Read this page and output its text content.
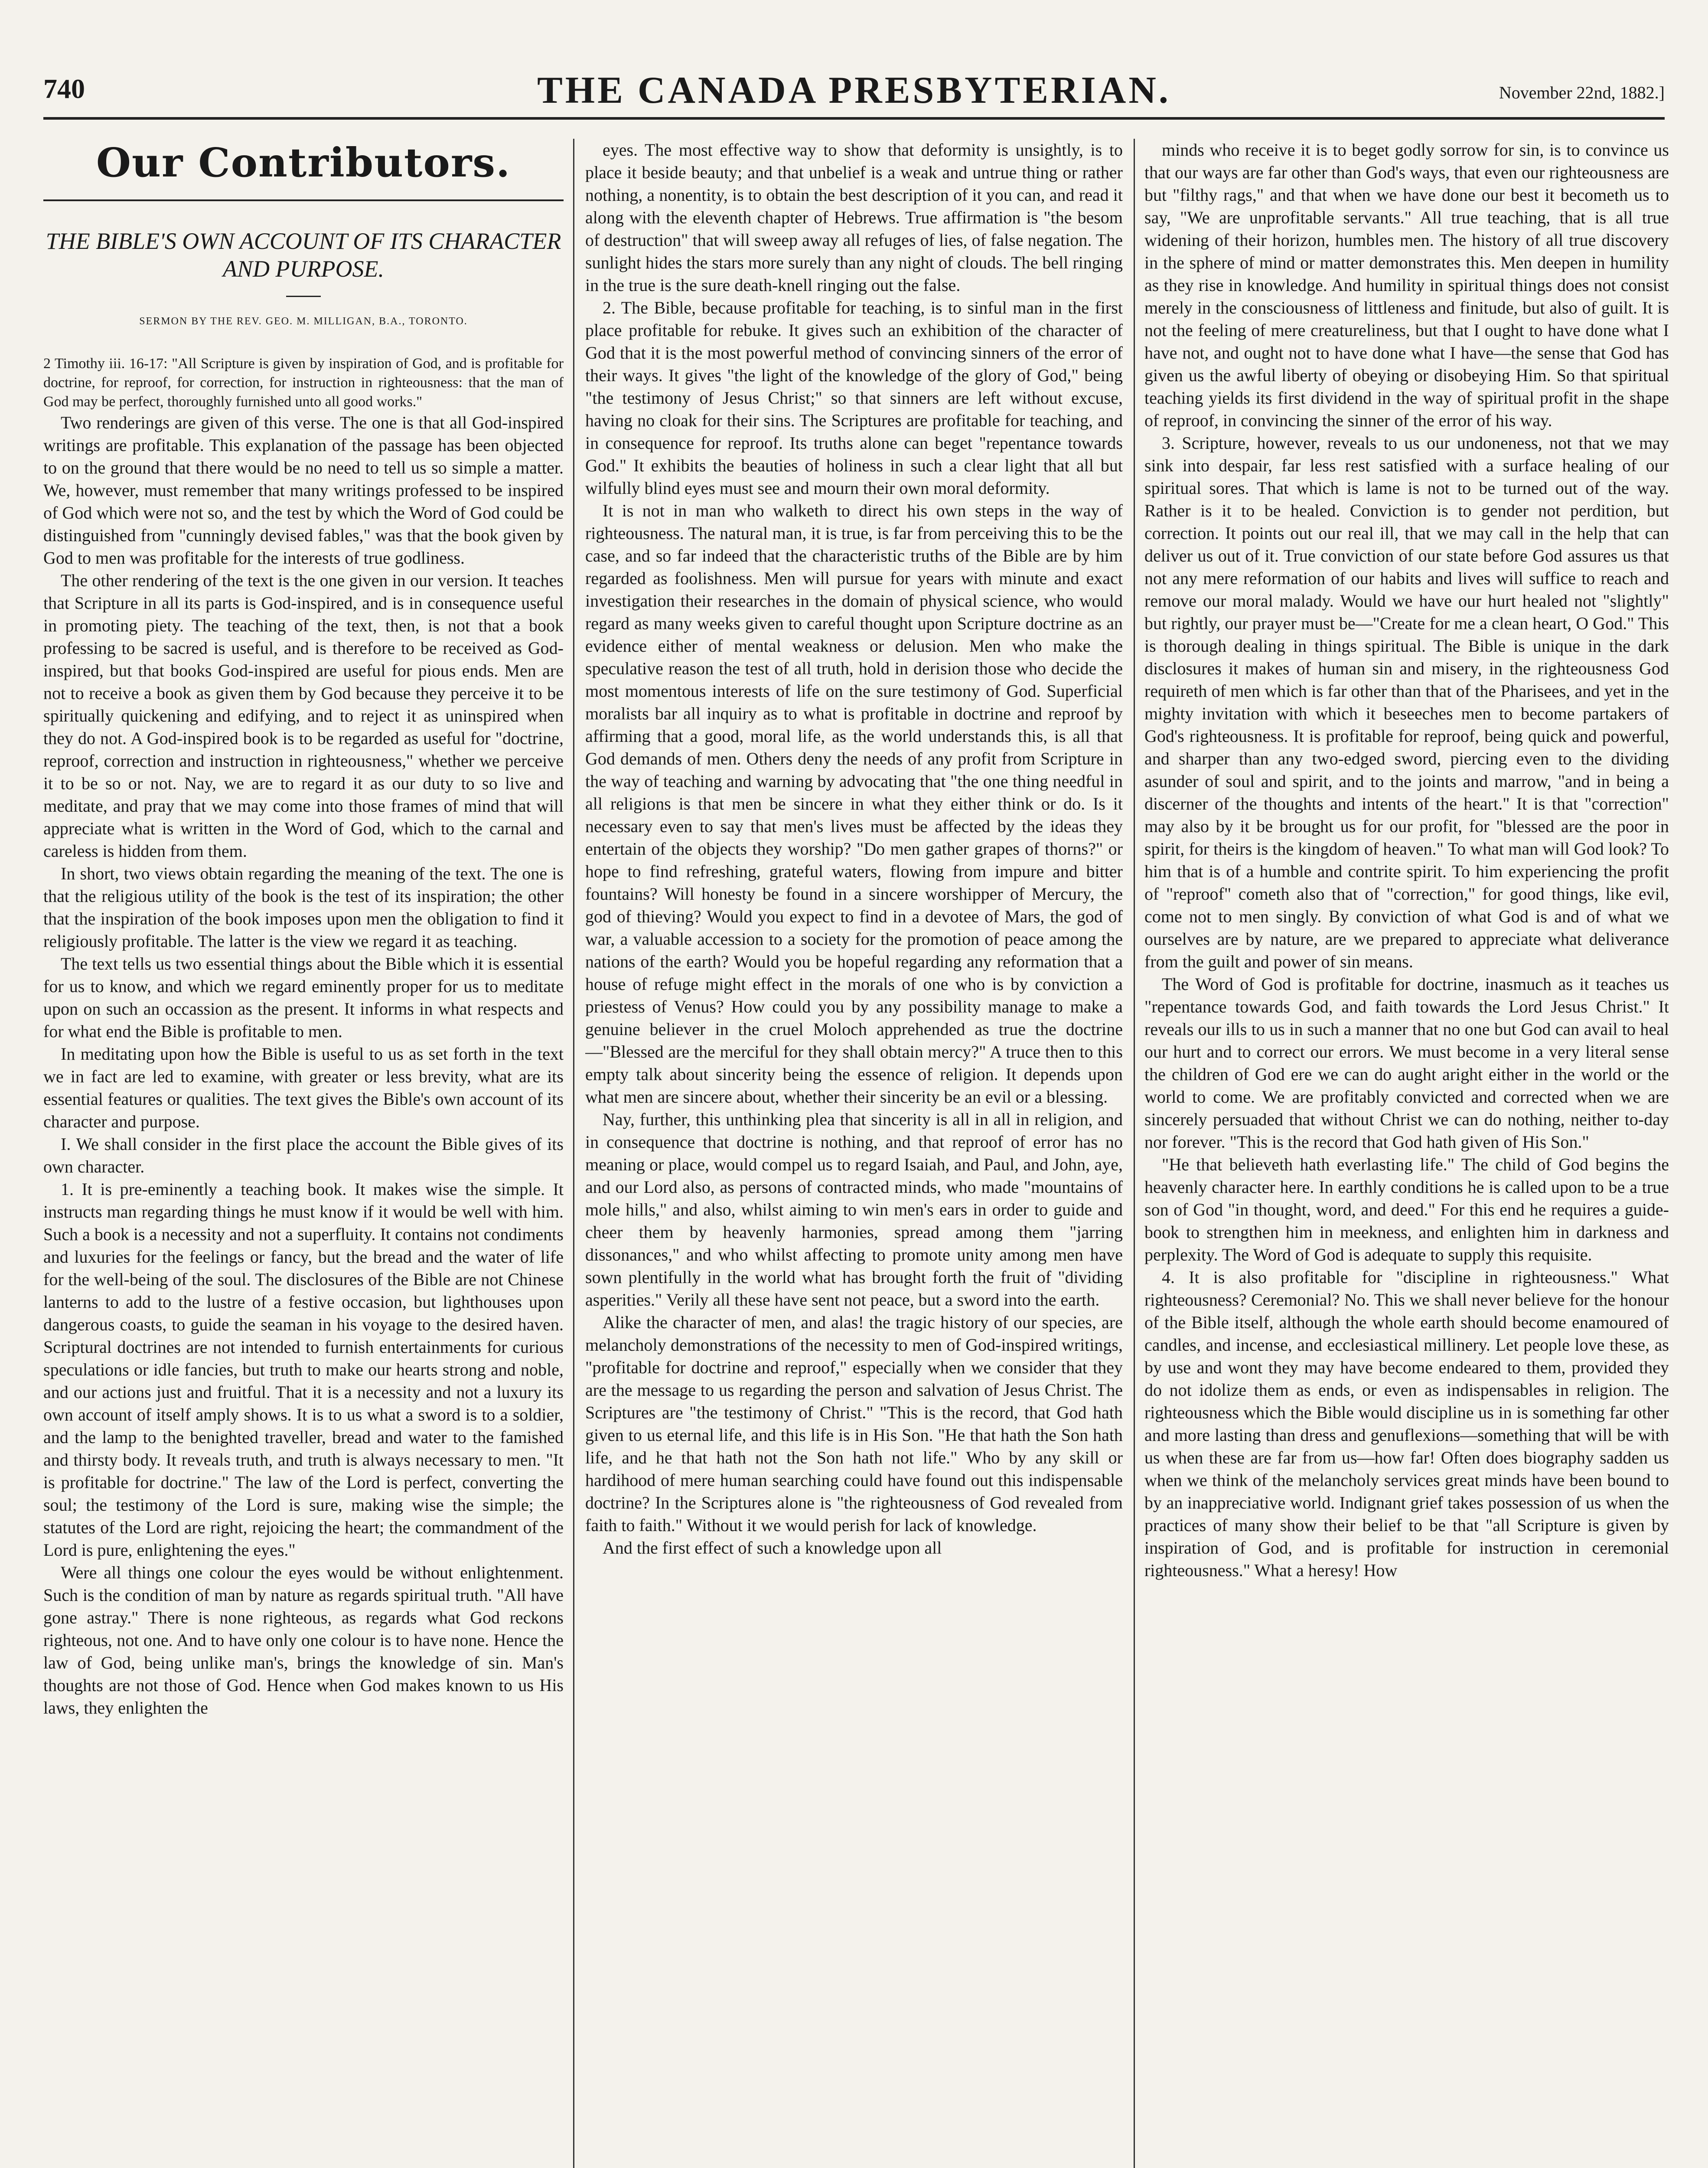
740	THE CANADA PRESBYTERIAN.	November 22nd, 1882.]
Our Contributors.
THE BIBLE'S OWN ACCOUNT OF ITS CHARACTER AND PURPOSE.
SERMON BY THE REV. GEO. M. MILLIGAN, B.A., TORONTO.

2 Timothy iii. 16-17: "All Scripture is given by inspiration of God, and is profitable for doctrine, for reproof, for correction, for instruction in righteousness: that the man of God may be perfect, thoroughly furnished unto all good works."

Two renderings are given of this verse. The one is that all God-inspired writings are profitable. This explanation of the passage has been objected to on the ground that there would be no need to tell us so simple a matter. We, however, must remember that many writings professed to be inspired of God which were not so, and the test by which the Word of God could be distinguished from "cunningly devised fables," was that the book given by God to men was profitable for the interests of true godliness.

The other rendering of the text is the one given in our version. It teaches that Scripture in all its parts is God-inspired, and is in consequence useful in promoting piety. The teaching of the text, then, is not that a book professing to be sacred is useful, and is therefore to be received as God-inspired, but that books God-inspired are useful for pious ends. Men are not to receive a book as given them by God because they perceive it to be spiritually quickening and edifying, and to reject it as uninspired when they do not. A God-inspired book is to be regarded as useful for "doctrine, reproof, correction and instruction in righteousness," whether we perceive it to be so or not. Nay, we are to regard it as our duty to so live and meditate, and pray that we may come into those frames of mind that will appreciate what is written in the Word of God, which to the carnal and careless is hidden from them.

In short, two views obtain regarding the meaning of the text. The one is that the religious utility of the book is the test of its inspiration; the other that the inspiration of the book imposes upon men the obligation to find it religiously profitable. The latter is the view we regard it as teaching.

The text tells us two essential things about the Bible which it is essential for us to know, and which we regard eminently proper for us to meditate upon on such an occassion as the present. It informs in what respects and for what end the Bible is profitable to men.

In meditating upon how the Bible is useful to us as set forth in the text we in fact are led to examine, with greater or less brevity, what are its essential features or qualities. The text gives the Bible's own account of its character and purpose.

I. We shall consider in the first place the account the Bible gives of its own character.

1. It is pre-eminently a teaching book. It makes wise the simple. It instructs man regarding things he must know if it would be well with him. Such a book is a necessity and not a superfluity. It contains not condiments and luxuries for the feelings or fancy, but the bread and the water of life for the well-being of the soul. The disclosures of the Bible are not Chinese lanterns to add to the lustre of a festive occasion, but lighthouses upon dangerous coasts, to guide the seaman in his voyage to the desired haven. Scriptural doctrines are not intended to furnish entertainments for curious speculations or idle fancies, but truth to make our hearts strong and noble, and our actions just and fruitful. That it is a necessity and not a luxury its own account of itself amply shows. It is to us what a sword is to a soldier, and the lamp to the benighted traveller, bread and water to the famished and thirsty body. It reveals truth, and truth is always necessary to men. "It is profitable for doctrine." The law of the Lord is perfect, converting the soul; the testimony of the Lord is sure, making wise the simple; the statutes of the Lord are right, rejoicing the heart; the commandment of the Lord is pure, enlightening the eyes."

Were all things one colour the eyes would be without enlightenment. Such is the condition of man by nature as regards spiritual truth. "All have gone astray." There is none righteous, as regards what God reckons righteous, not one. And to have only one colour is to have none. Hence the law of God, being unlike man's, brings the knowledge of sin. Man's thoughts are not those of God. Hence when God makes known to us His laws, they enlighten the

eyes. The most effective way to show that deformity is unsightly, is to place it beside beauty; and that unbelief is a weak and untrue thing or rather nothing, a nonentity, is to obtain the best description of it you can, and read it along with the eleventh chapter of Hebrews. True affirmation is "the besom of destruction" that will sweep away all refuges of lies, of false negation. The sunlight hides the stars more surely than any night of clouds. The bell ringing in the true is the sure death-knell ringing out the false.

2. The Bible, because profitable for teaching, is to sinful man in the first place profitable for rebuke. It gives such an exhibition of the character of God that it is the most powerful method of convincing sinners of the error of their ways. It gives "the light of the knowledge of the glory of God," being "the testimony of Jesus Christ;" so that sinners are left without excuse, having no cloak for their sins. The Scriptures are profitable for teaching, and in consequence for reproof. Its truths alone can beget "repentance towards God." It exhibits the beauties of holiness in such a clear light that all but wilfully blind eyes must see and mourn their own moral deformity.

It is not in man who walketh to direct his own steps in the way of righteousness. The natural man, it is true, is far from perceiving this to be the case, and so far indeed that the characteristic truths of the Bible are by him regarded as foolishness. Men will pursue for years with minute and exact investigation their researches in the domain of physical science, who would regard as many weeks given to careful thought upon Scripture doctrine as an evidence either of mental weakness or delusion. Men who make the speculative reason the test of all truth, hold in derision those who decide the most momentous interests of life on the sure testimony of God. Superficial moralists bar all inquiry as to what is profitable in doctrine and reproof by affirming that a good, moral life, as the world understands this, is all that God demands of men. Others deny the needs of any profit from Scripture in the way of teaching and warning by advocating that "the one thing needful in all religions is that men be sincere in what they either think or do. Is it necessary even to say that men's lives must be affected by the ideas they entertain of the objects they worship? "Do men gather grapes of thorns?" or hope to find refreshing, grateful waters, flowing from impure and bitter fountains? Will honesty be found in a sincere worshipper of Mercury, the god of thieving? Would you expect to find in a devotee of Mars, the god of war, a valuable accession to a society for the promotion of peace among the nations of the earth? Would you be hopeful regarding any reformation that a house of refuge might effect in the morals of one who is by conviction a priestess of Venus? How could you by any possibility manage to make a genuine believer in the cruel Moloch apprehended as true the doctrine—"Blessed are the merciful for they shall obtain mercy?" A truce then to this empty talk about sincerity being the essence of religion. It depends upon what men are sincere about, whether their sincerity be an evil or a blessing.

Nay, further, this unthinking plea that sincerity is all in all in religion, and in consequence that doctrine is nothing, and that reproof of error has no meaning or place, would compel us to regard Isaiah, and Paul, and John, aye, and our Lord also, as persons of contracted minds, who made "mountains of mole hills," and also, whilst aiming to win men's ears in order to guide and cheer them by heavenly harmonies, spread among them "jarring dissonances," and who whilst affecting to promote unity among men have sown plentifully in the world what has brought forth the fruit of "dividing asperities." Verily all these have sent not peace, but a sword into the earth.

Alike the character of men, and alas! the tragic history of our species, are melancholy demonstrations of the necessity to men of God-inspired writings, "profitable for doctrine and reproof," especially when we consider that they are the message to us regarding the person and salvation of Jesus Christ. The Scriptures are "the testimony of Christ." "This is the record, that God hath given to us eternal life, and this life is in His Son. "He that hath the Son hath life, and he that hath not the Son hath not life." Who by any skill or hardihood of mere human searching could have found out this indispensable doctrine? In the Scriptures alone is "the righteousness of God revealed from faith to faith." Without it we would perish for lack of knowledge.

And the first effect of such a knowledge upon all

minds who receive it is to beget godly sorrow for sin, is to convince us that our ways are far other than God's ways, that even our righteousness are but "filthy rags," and that when we have done our best it becometh us to say, "We are unprofitable servants." All true teaching, that is all true widening of their horizon, humbles men. The history of all true discovery in the sphere of mind or matter demonstrates this. Men deepen in humility as they rise in knowledge. And humility in spiritual things does not consist merely in the consciousness of littleness and finitude, but also of guilt. It is not the feeling of mere creatureliness, but that I ought to have done what I have not, and ought not to have done what I have—the sense that God has given us the awful liberty of obeying or disobeying Him. So that spiritual teaching yields its first dividend in the way of spiritual profit in the shape of reproof, in convincing the sinner of the error of his way.

3. Scripture, however, reveals to us our undoneness, not that we may sink into despair, far less rest satisfied with a surface healing of our spiritual sores. That which is lame is not to be turned out of the way. Rather is it to be healed. Conviction is to gender not perdition, but correction. It points out our real ill, that we may call in the help that can deliver us out of it. True conviction of our state before God assures us that not any mere reformation of our habits and lives will suffice to reach and remove our moral malady. Would we have our hurt healed not "slightly" but rightly, our prayer must be—"Create for me a clean heart, O God." This is thorough dealing in things spiritual. The Bible is unique in the dark disclosures it makes of human sin and misery, in the righteousness God requireth of men which is far other than that of the Pharisees, and yet in the mighty invitation with which it beseeches men to become partakers of God's righteousness. It is profitable for reproof, being quick and powerful, and sharper than any two-edged sword, piercing even to the dividing asunder of soul and spirit, and to the joints and marrow, "and in being a discerner of the thoughts and intents of the heart." It is that "correction" may also by it be brought us for our profit, for "blessed are the poor in spirit, for theirs is the kingdom of heaven." To what man will God look? To him that is of a humble and contrite spirit. To him experiencing the profit of "reproof" cometh also that of "correction," for good things, like evil, come not to men singly. By conviction of what God is and of what we ourselves are by nature, are we prepared to appreciate what deliverance from the guilt and power of sin means.

The Word of God is profitable for doctrine, inasmuch as it teaches us "repentance towards God, and faith towards the Lord Jesus Christ." It reveals our ills to us in such a manner that no one but God can avail to heal our hurt and to correct our errors. We must become in a very literal sense the children of God ere we can do aught aright either in the world or the world to come. We are profitably convicted and corrected when we are sincerely persuaded that without Christ we can do nothing, neither to-day nor forever. "This is the record that God hath given of His Son."

"He that believeth hath everlasting life." The child of God begins the heavenly character here. In earthly conditions he is called upon to be a true son of God "in thought, word, and deed." For this end he requires a guide-book to strengthen him in meekness, and enlighten him in darkness and perplexity. The Word of God is adequate to supply this requisite.

4. It is also profitable for "discipline in righteousness." What righteousness? Ceremonial? No. This we shall never believe for the honour of the Bible itself, although the whole earth should become enamoured of candles, and incense, and ecclesiastical millinery. Let people love these, as by use and wont they may have become endeared to them, provided they do not idolize them as ends, or even as indispensables in religion. The righteousness which the Bible would discipline us in is something far other and more lasting than dress and genuflexions—something that will be with us when these are far from us—how far! Often does biography sadden us when we think of the melancholy services great minds have been bound to by an inappreciative world. Indignant grief takes possession of us when the practices of many show their belief to be that "all Scripture is given by inspiration of God, and is profitable for instruction in ceremonial righteousness." What a heresy! How
